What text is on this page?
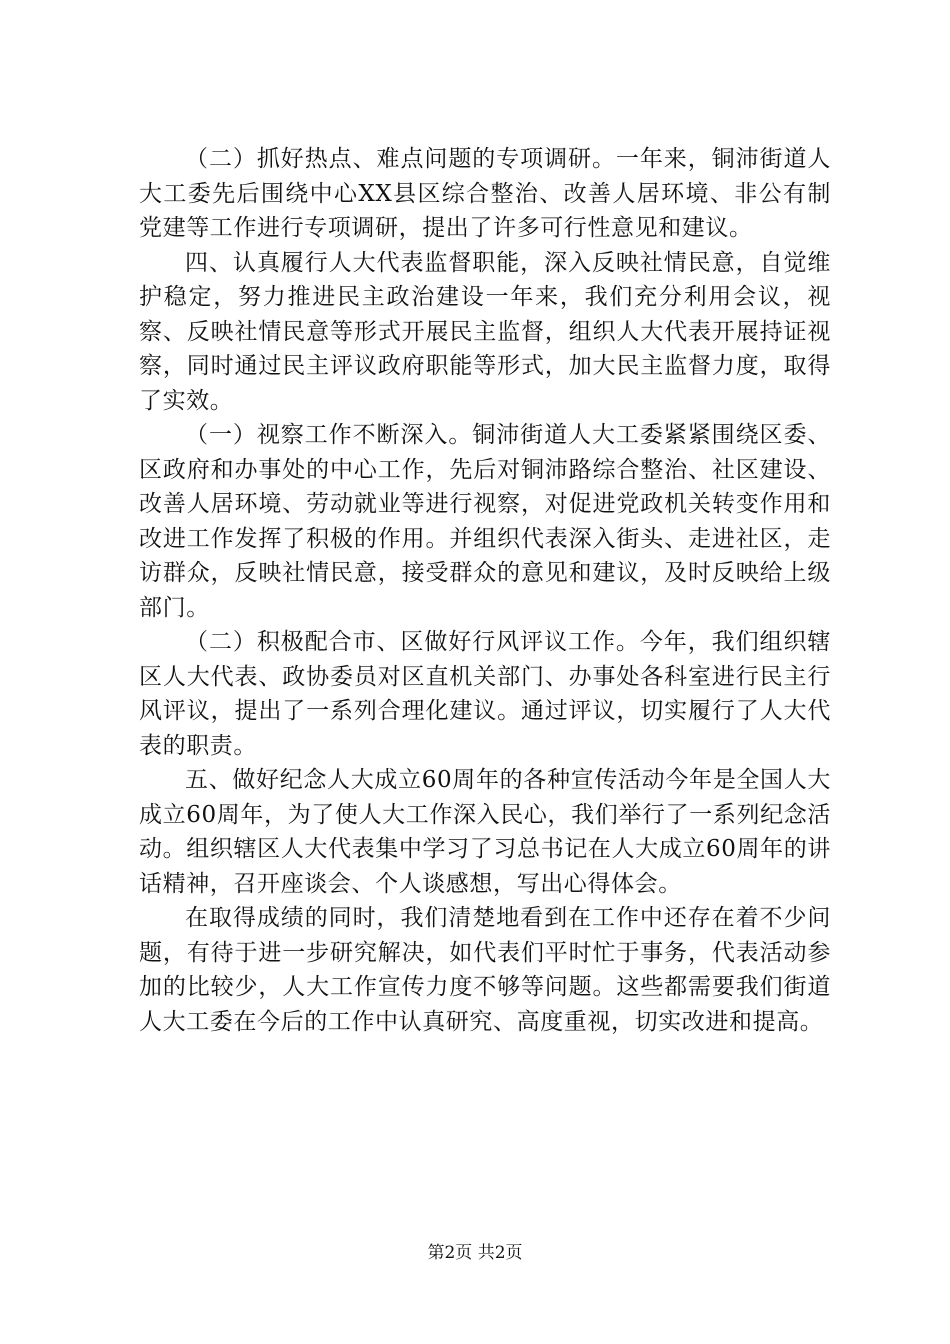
（二）抓好热点、难点问题的专项调研。一年来，铜沛街道人大工委先后围绕中心XX县区综合整治、改善人居环境、非公有制党建等工作进行专项调研，提出了许多可行性意见和建议。

四、认真履行人大代表监督职能，深入反映社情民意，自觉维护稳定，努力推进民主政治建设一年来，我们充分利用会议，视察、反映社情民意等形式开展民主监督，组织人大代表开展持证视察，同时通过民主评议政府职能等形式，加大民主监督力度，取得了实效。

（一）视察工作不断深入。铜沛街道人大工委紧紧围绕区委、区政府和办事处的中心工作，先后对铜沛路综合整治、社区建设、改善人居环境、劳动就业等进行视察，对促进党政机关转变作用和改进工作发挥了积极的作用。并组织代表深入街头、走进社区，走访群众，反映社情民意，接受群众的意见和建议，及时反映给上级部门。

（二）积极配合市、区做好行风评议工作。今年，我们组织辖区人大代表、政协委员对区直机关部门、办事处各科室进行民主行风评议，提出了一系列合理化建议。通过评议，切实履行了人大代表的职责。

五、做好纪念人大成立60周年的各种宣传活动今年是全国人大成立60周年，为了使人大工作深入民心，我们举行了一系列纪念活动。组织辖区人大代表集中学习了习总书记在人大成立60周年的讲话精神，召开座谈会、个人谈感想，写出心得体会。

在取得成绩的同时，我们清楚地看到在工作中还存在着不少问题，有待于进一步研究解决，如代表们平时忙于事务，代表活动参加的比较少，人大工作宣传力度不够等问题。这些都需要我们街道人大工委在今后的工作中认真研究、高度重视，切实改进和提高。

第2页 共2页
